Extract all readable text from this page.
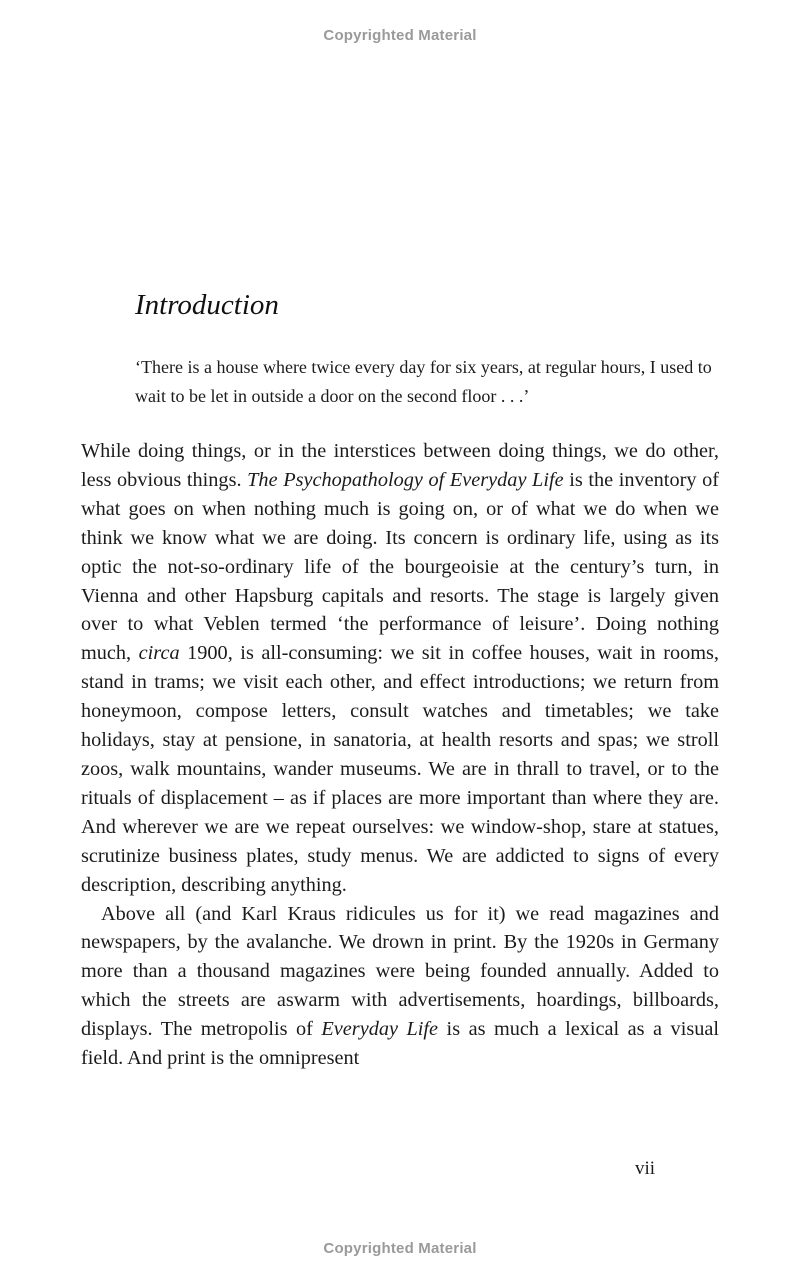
Copyrighted Material
Introduction

‘There is a house where twice every day for six years, at regular hours, I used to wait to be let in outside a door on the second floor . . .’

While doing things, or in the interstices between doing things, we do other, less obvious things. The Psychopathology of Everyday Life is the inventory of what goes on when nothing much is going on, or of what we do when we think we know what we are doing. Its concern is ordinary life, using as its optic the not-so-ordinary life of the bourgeoisie at the century’s turn, in Vienna and other Hapsburg capitals and resorts. The stage is largely given over to what Veblen termed ‘the performance of leisure’. Doing nothing much, circa 1900, is all-consuming: we sit in coffee houses, wait in rooms, stand in trams; we visit each other, and effect introductions; we return from honeymoon, compose letters, consult watches and timetables; we take holidays, stay at pensione, in sanatoria, at health resorts and spas; we stroll zoos, walk mountains, wander museums. We are in thrall to travel, or to the rituals of displacement – as if places are more important than where they are. And wherever we are we repeat ourselves: we window-shop, stare at statues, scrutinize business plates, study menus. We are addicted to signs of every description, describing anything.

Above all (and Karl Kraus ridicules us for it) we read magazines and newspapers, by the avalanche. We drown in print. By the 1920s in Germany more than a thousand magazines were being founded annually. Added to which the streets are aswarm with advertisements, hoardings, billboards, displays. The metropolis of Everyday Life is as much a lexical as a visual field. And print is the omnipresent

vii
Copyrighted Material
